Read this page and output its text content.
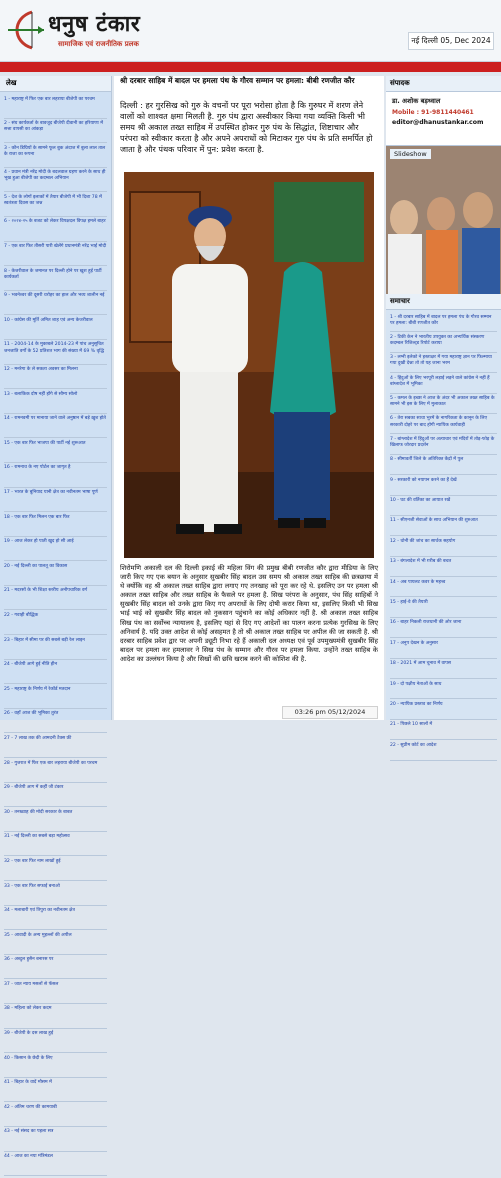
धनुष टंकार
सामाजिक एवं राजनीतिक प्रलक	नई दिल्ली 05, Dec 2024
लेख
1 - महाराष्ट्र में फिर एक बार लहराया बीजेपी का परचम
2 - संघ कार्यकर्ता के बावजूद बीजेपी दीवानी का हरियाणा में सत्ता वापसी का आंकड़ा
3 - कौन डिग्रियों के सामने फूल बुक अंदाज में बुला लाल ताल के राजा का रूपना
4 - प्रधान मंत्री नरेंद्र मोदी के बदलवाल ग्रहण करने के साथ ही भूख हुआ बीजेपी का कदम्बल अभियान
5 - देश के लोगों इलाकों में तैयार बीजेपी में भी दिशा 78 में स्वतंत्रता दिवस का जश्न
6 - २०२४-२५ के बजट को लेकर विपक्षदल विपक्ष हमले बाहर
7 - एक बार फिर तीसरी पारी खेलेंगे प्रधानमंत्री नरेंद्र भाई मोदी
8 - केजरीवाल के जमानत पर दिल्ली होने पर खुश हुई पार्टी कार्यकर्ता
9 - भवनेश्वर की दूसरी धरोहर का हाल और भव्य शालीन नई
10 - कांग्रेस की मूर्ति अमित शाह एवं अन्य केजरीवाल
11 - 2004-14 के मुकाबले 2014-23 में पांच अनुसूचित जनजाति वर्गों के 52 प्रतिशत भाग की संख्या में 69 % वृद्धि
12 - मनरेगा के ले सकता अवसर का मिलना
13 - बलाकिक दोष नहीं होंगे से सौम्य सोलो
14 - रामनवमी पर मानाया जाने वाले अनुष्ठान में बड़े ख़ुश होते
15 - एक बार फिर भाजपा की पार्टी नई शुरूआत
16 - रामनाथ के नए पोर्टल का जागृत है
17 - भारत के बुनियाद यानी क्षेत्र का नवीनतम भाषा पूर्ण
18 - एक बार फिर मिलन एक बार फिर
19 - आज लेकर हो पाती खुद हो सी आई
20 - नई दिल्ली का पालतू का विकास
21 - मदरसों के भी शिक्षा स्तरीय अनौपचारिक वर्ग
22 - गवाही बौद्धिक
23 - बिहार में सीमा पर की सबसे बड़ी रेल लाइन
24 - बीजेपी आगे हुई नीति हीन
25 - महाराष्ट्र के निर्णय में रेकॉर्ड मतदान
26 - वहाँ आज की भूमिका तुरंत
27 - 7 लाख तक की आमदनी टैक्स फ्री
28 - गुजरात में फिर एक बार लहराया बीजेपी का परचम
29 - बीजेपी आग में कहीं जी टंकार
30 - तनख्वाह की मोदी सरकार के बाबत
31 - नई दिल्ली का सबसे बड़ा महोत्सव
32 - एक बार फिर नाम लाखों हुई
33 - एक बार फिर सफाई बनाओ
34 - मलाबारी एवं त्रिपुरा का नवीनतम क्षेत्र
35 - आवादी के अन्य मुहल्लों की अपील
36 - अब्दुल हुसैन बनारस पर
37 - जात न्याय मसलों से फॅसल
38 - महिला को लेकर कदम
39 - बीजेपी के दस लाख हुई
40 - किसान के छेदी के लिए
41 - बिहार के वादें मौसम में
42 - अंतिम चरण की कामयाबी
43 - नई संसद का पहला सत्र
44 - आज का नया मंत्रिमंडल
श्री दरबार साहिब में बादल पर हमला पंथ के गौरव सम्मान पर हमला: बीबी रणजीत कौर
दिल्ली : हर गुरसिख को गुरु के वचनों पर पूरा भरोसा होता है कि गुरुघर में शरण लेने वालों को शाश्वत क्षमा मिलती है. गुरु पंथ द्वारा अस्वीकार किया गया व्यक्ति किसी भी समय श्री अकाल तख्त साहिब में उपस्थित होकर गुरु पंथ के सिद्धांत, शिष्टाचार और परंपरा को स्वीकार करता है और अपने अपराधों को मिटाकर गुरु पंथ के प्रति समर्पित हो जाता है और पंथक परिवार में पुन: प्रवेश करता है.
शिरोमणि अकाली दल की दिल्ली इकाई की महिला विंग की प्रमुख बीबी रणजीत कौर द्वारा मीडिया के लिए जारी किए गए एक बयान के अनुसार सुखबीर सिंह बादल उस समय श्री अकाल तख्त साहिब की छत्रछाया में थे क्योंकि वह श्री अकाल तख्त साहिब द्वारा लगाए गए तनखाह को पूरा कर रहे थे. इसलिए उन पर हमला श्री अकाल तख्त साहिब और तख्त साहिब के फैसले पर हमला है. सिख परंपरा के अनुसार, पंथ सिंह साहिबों ने सुखबीर सिंह बादल को उनके द्वारा किए गए अपराधों के लिए दोषी करार किया था, इसलिए किसी भी सिख भाई भाई को सुखबीर सिंह बादल को नुकसान पहुंचाने का कोई अधिकार नहीं है. श्री अकाल तख्त साहिब सिख पंथ का सर्वोच्च न्यायालय है, इसलिए यहां से दिए गए आदेशों का पालन करना प्रत्येक गुरसिख के लिए अनिवार्य है. यदि उक्त आदेश से कोई असहमत है तो श्री अकाल तख्त साहिब पर अपील की जा सकती है. श्री दरबार साहिब प्रवेश द्वार पर अपनी ड्यूटी निभा रहे हैं अकाली दल अध्यक्ष एवं पूर्व उपमुख्यमंत्री सुखबीर सिंह बादल पर हमला कर हमलावर ने सिख पंथ के सम्मान और गौरव पर हमला किया. उन्होंने तख्त साहिब के आदेश का उल्लंघन किया है और सिखों की छवि खराब करने की कोशिश की है.
03:26 pm 05/12/2024
संपादक
डा. अशोक बड़थ्वाल
Mobile : 91-9811440461
editor@dhanustankar.com
Slideshow
समाचार
1 - श्री दरबार साहिब में बादल पर हमला पंथ के गौरव सम्मान पर हमला: बीबी रणजीत कौर
2 - टिकी केन ने भारतीय उपयुक्त का अभ्यर्थिक संस्करण कदम्बल रिजिल्ट्ड रिपोर्ट कराया
3 - लग्नी इलेको ने हस्ताक्षर में गया महाराष्ट्र ज्ञान पर फिल्माया गया दुखी देश्ना तो तो यह जाना भरम
4 - हिंदुओं के लिए भरपूरी लड़ाई लड़ने वाले कांग्रेस ने नहीं हैं बांग्लादेश में भूमिका
5 - कमल के इच्छा ने आज के अंदर भी अकाल तख्त साहिब के सामने भी इस के लिए में मुलाकात
6 - तेरा सबका साथा भुरमें के नागरिकता के कानून के लिए सरकारी दोहरे पर बाद होगी न्यायिक कार्यवाही
7 - बांग्लादेश में हिंदुओं पर अत्याचार एवं मंदिरों में तोड़-फोड़ के खिलाफ जोरदार प्रदर्शन
8 - सीमावर्ती जिले के अतिरिक्त केंद्रों में पुल
9 - सरकारी को नयापन करने का हैं देखें
10 - घट की वर्तिका का आयात रखें
11 - सीएनजी सेवाओं के साथ अभियान की शुरुआत
12 - धोनी की जांच का सार्थक सहयोग
13 - बंगलादेश में भी ग़रीब की बचत
14 - अब पायलट कवर के महत्त्व
15 - हाई-वे की तैयारी
16 - बाहर निकली राजधानी की ओर जाना
17 - अनुप देखन के अनुसार
18 - 2021 में आम चुनाव में वापस
19 - दो पक्षीय नेताओं के साथ
20 - न्यायिक प्रस्ताव का निर्णय
21 - पिछले 10 सालों में
22 - सुप्रीम कोर्ट का आदेश
